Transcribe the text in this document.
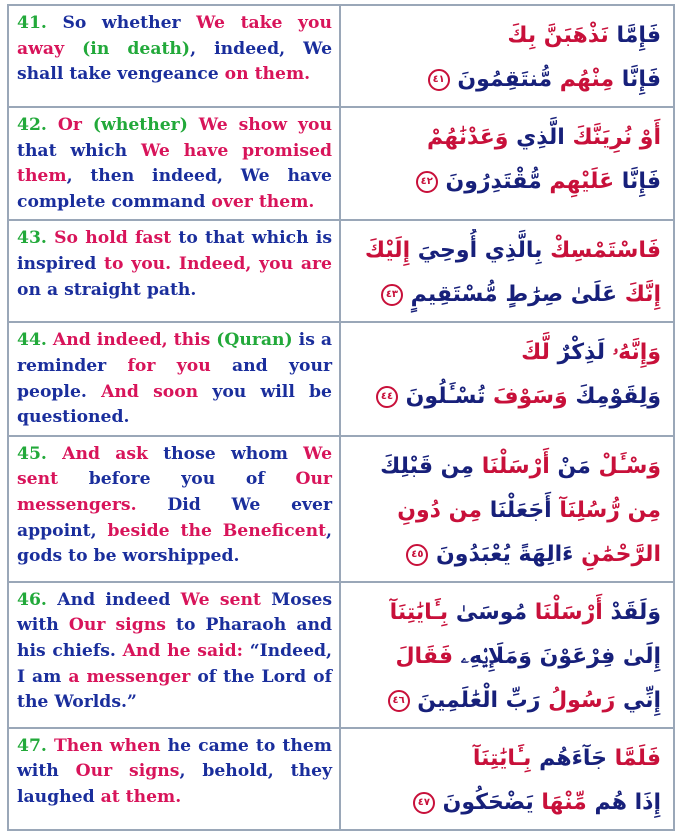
41. So whether We take you away (in death), indeed, We shall take vengeance on them.	فَإِمَّا نَذْهَبَنَّ بِكَ
فَإِنَّا مِنْهُم مُّنتَقِمُونَ ٤١

42. Or (whether) We show you that which We have promised them, then indeed, We have complete command over them.	أَوْ نُرِيَنَّكَ الَّذِي وَعَدْنَٰهُمْ
فَإِنَّا عَلَيْهِم مُّقْتَدِرُونَ ٤٢

43. So hold fast to that which is inspired to you. Indeed, you are on a straight path.	فَاسْتَمْسِكْ بِالَّذِي أُوحِيَ إِلَيْكَ
إِنَّكَ عَلَىٰ صِرَٰطٍ مُّسْتَقِيمٍ ٤٣

44. And indeed, this (Quran) is a reminder for you and your people. And soon you will be questioned.	وَإِنَّهُۥ لَذِكْرٌ لَّكَ
وَلِقَوْمِكَ وَسَوْفَ تُسْـَٔلُونَ ٤٤

45. And ask those whom We sent before you of Our messengers. Did We ever appoint, beside the Beneficent, gods to be worshipped.	وَسْـَٔلْ مَنْ أَرْسَلْنَا مِن قَبْلِكَ
مِن رُّسُلِنَآ أَجَعَلْنَا مِن دُونِ
الرَّحْمَٰنِ ءَالِهَةً يُعْبَدُونَ ٤٥

46. And indeed We sent Moses with Our signs to Pharaoh and his chiefs. And he said: “Indeed, I am a messenger of the Lord of the Worlds.”	وَلَقَدْ أَرْسَلْنَا مُوسَىٰ بِـَٔايَٰتِنَآ
إِلَىٰ فِرْعَوْنَ وَمَلَإِي۟هِۦ فَقَالَ
إِنِّي رَسُولُ رَبِّ الْعَٰلَمِينَ ٤٦

47. Then when he came to them with Our signs, behold, they laughed at them.	فَلَمَّا جَآءَهُم بِـَٔايَٰتِنَآ
إِذَا هُم مِّنْهَا يَضْحَكُونَ ٤٧
